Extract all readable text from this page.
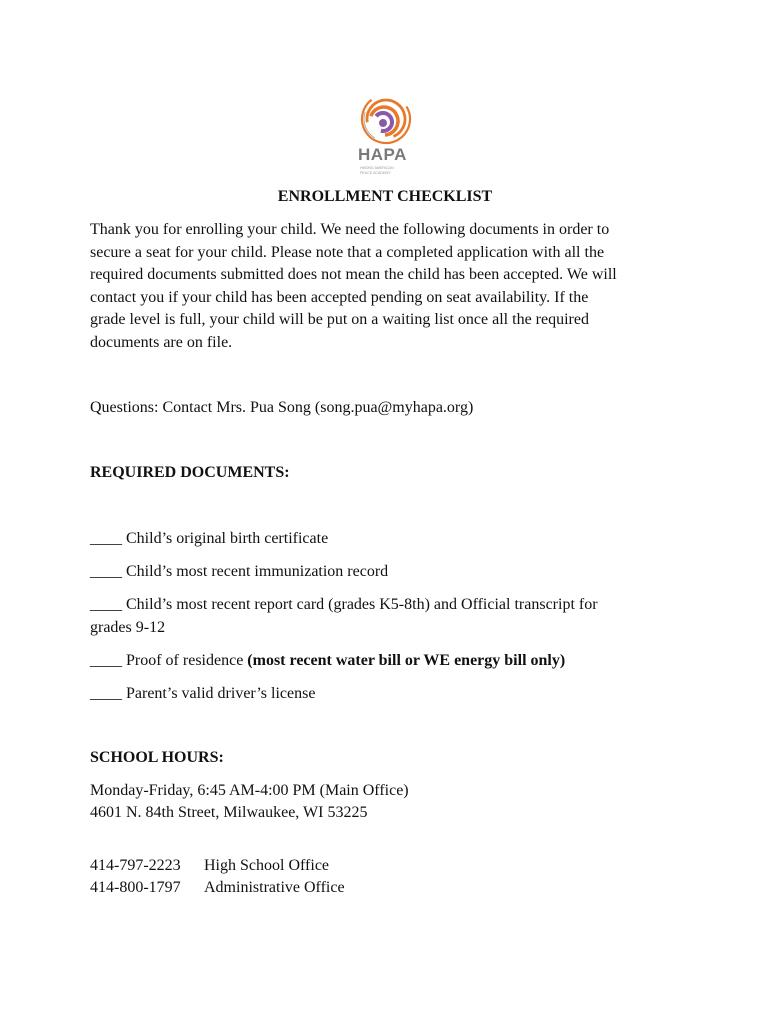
HAPA
HMONG AMERICAN
PEACE ACADEMY
ENROLLMENT CHECKLIST
Thank you for enrolling your child. We need the following documents in order to
secure a seat for your child. Please note that a completed application with all the
required documents submitted does not mean the child has been accepted. We will
contact you if your child has been accepted pending on seat availability. If the
grade level is full, your child will be put on a waiting list once all the required
documents are on file.
Questions: Contact Mrs. Pua Song (song.pua@myhapa.org)
REQUIRED DOCUMENTS:
____ Child’s original birth certificate
____ Child’s most recent immunization record
____ Child’s most recent report card (grades K5-8th) and Official transcript for
grades 9-12
____ Proof of residence (most recent water bill or WE energy bill only)
____ Parent’s valid driver’s license
SCHOOL HOURS:
Monday-Friday, 6:45 AM-4:00 PM (Main Office)
4601 N. 84th Street, Milwaukee, WI 53225
414-797-2223 High School Office
414-800-1797 Administrative Office
